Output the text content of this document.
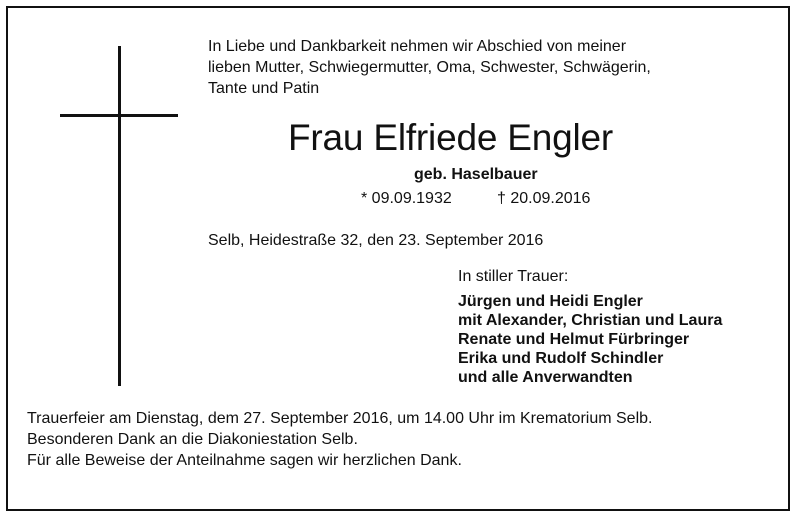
In Liebe und Dankbarkeit nehmen wir Abschied von meiner
lieben Mutter, Schwiegermutter, Oma, Schwester, Schwägerin,
Tante und Patin
Frau Elfriede Engler
geb. Haselbauer
* 09.09.1932	† 20.09.2016
Selb, Heidestraße 32, den 23. September 2016
In stiller Trauer:
Jürgen und Heidi Engler
mit Alexander, Christian und Laura
Renate und Helmut Fürbringer
Erika und Rudolf Schindler
und alle Anverwandten
Trauerfeier am Dienstag, dem 27. September 2016, um 14.00 Uhr im Krematorium Selb.
Besonderen Dank an die Diakoniestation Selb.
Für alle Beweise der Anteilnahme sagen wir herzlichen Dank.
